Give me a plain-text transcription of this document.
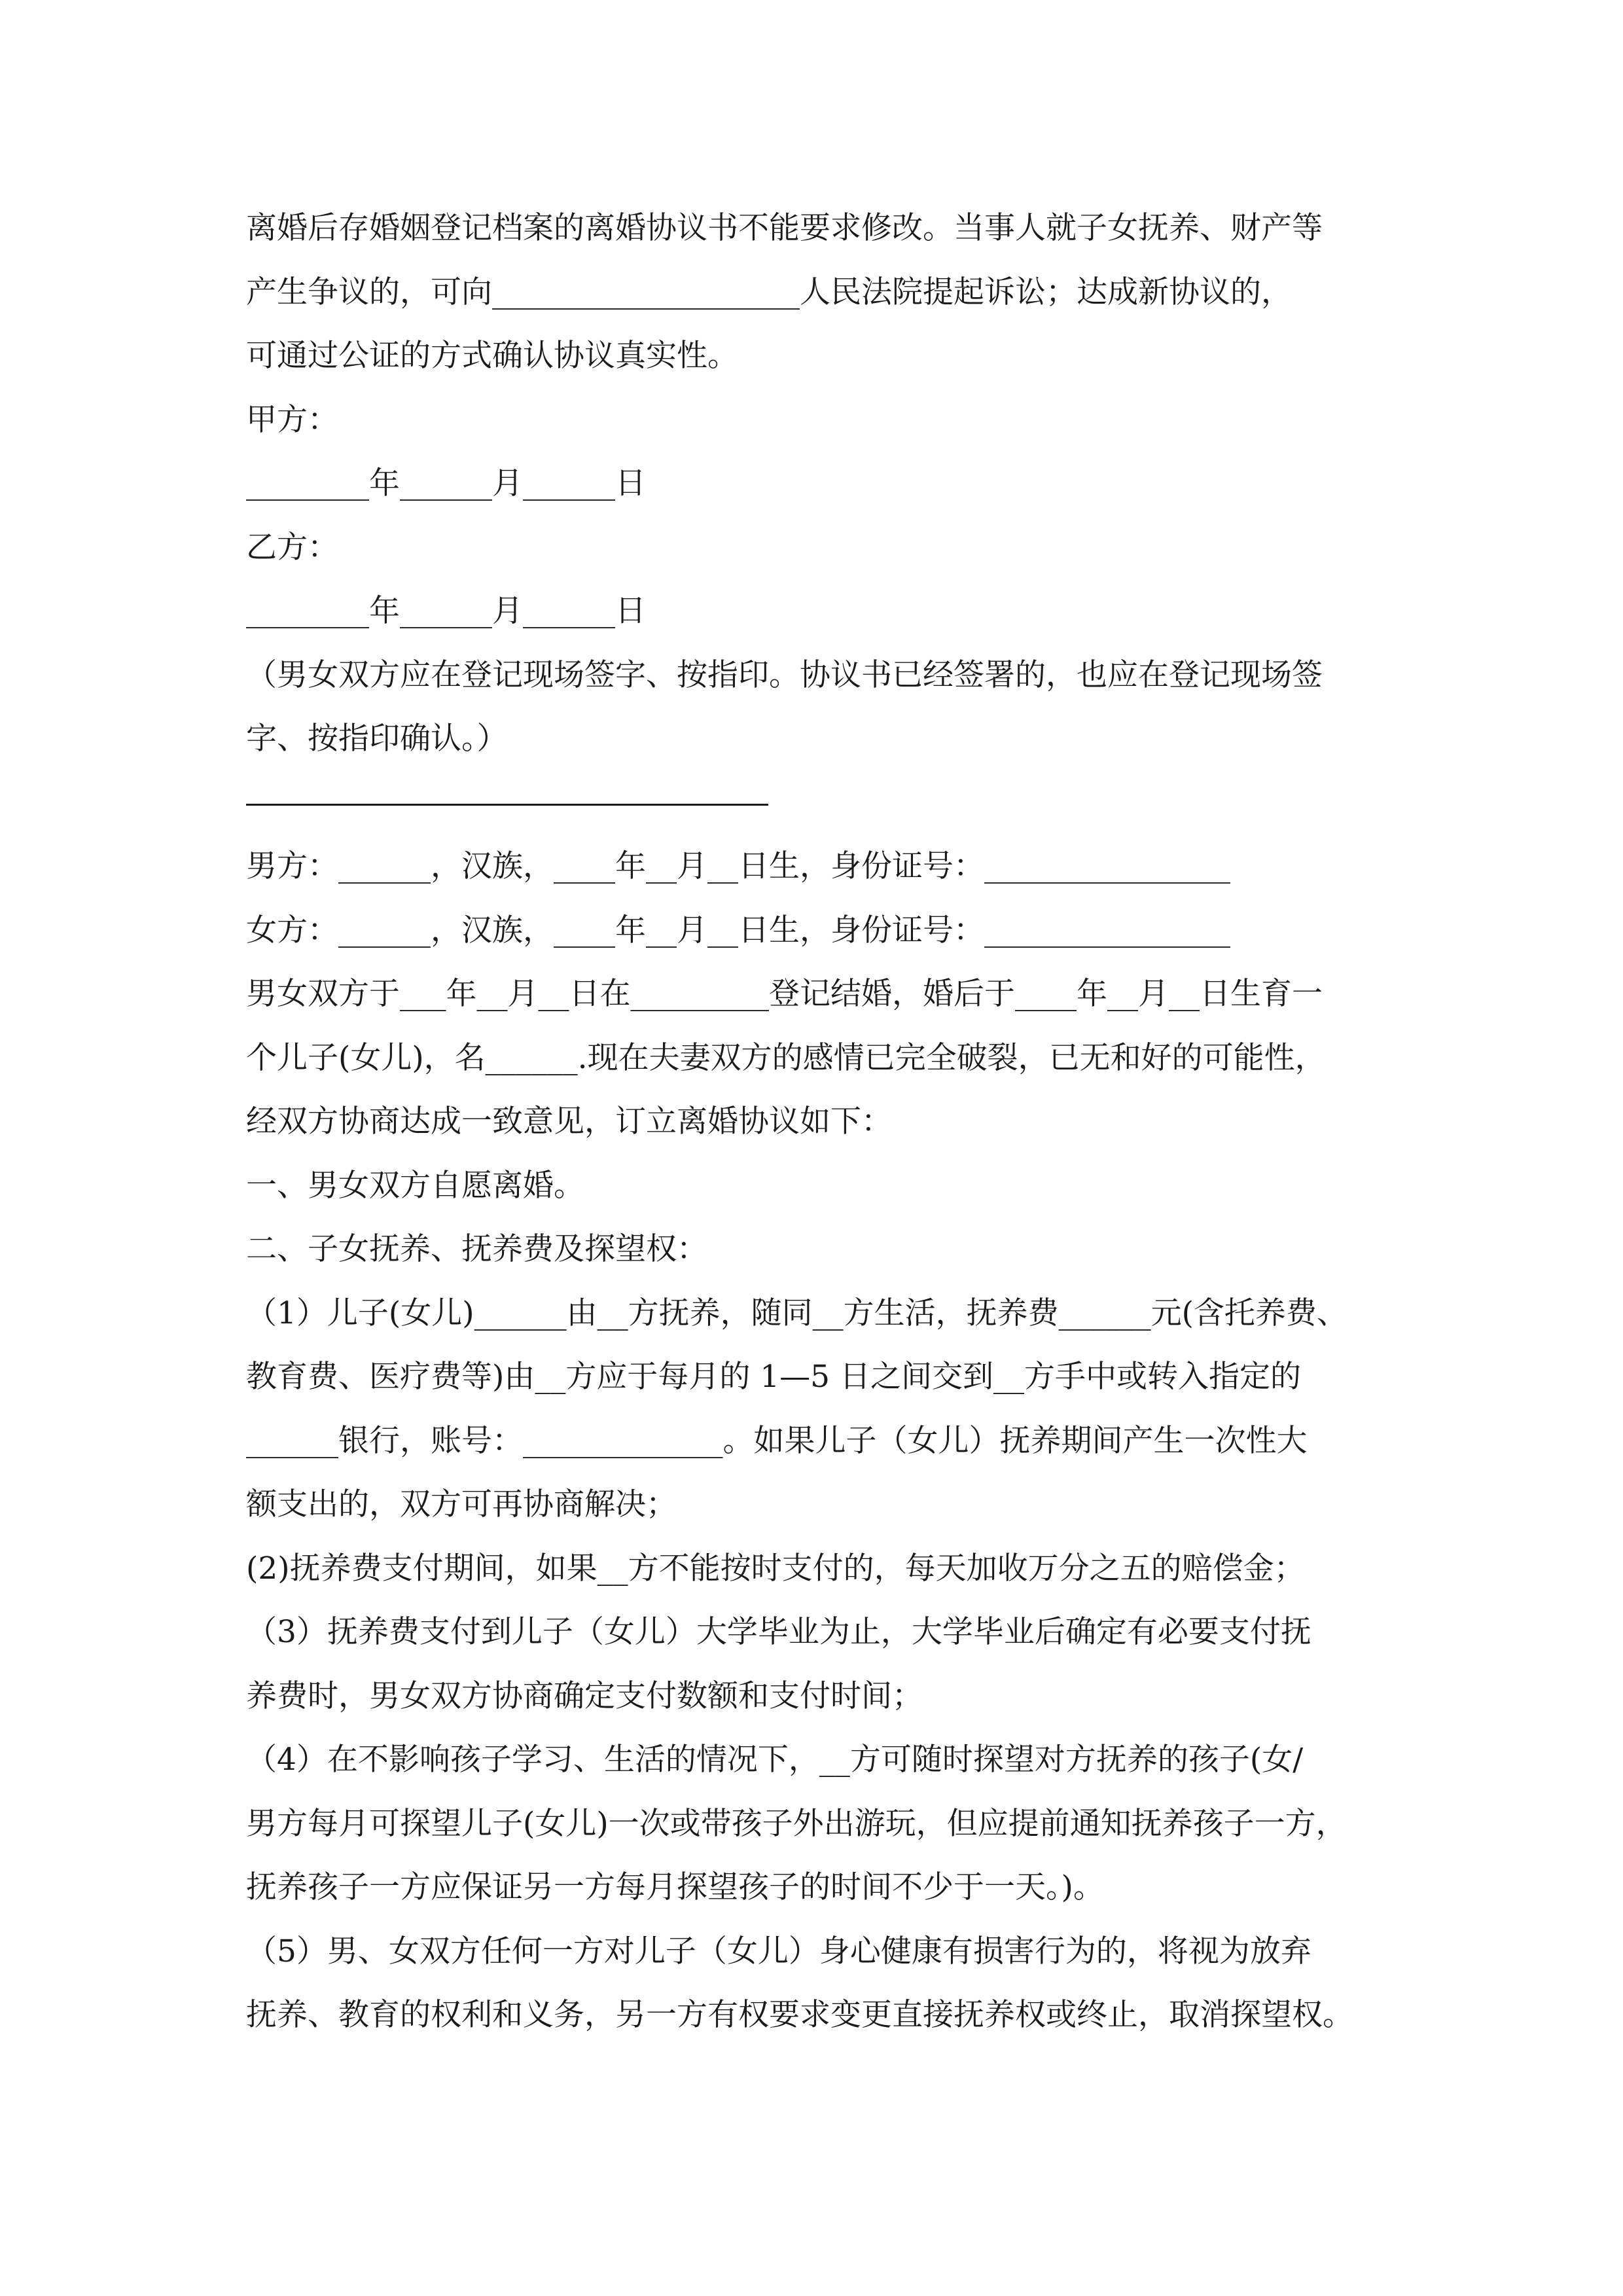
离婚后存婚姻登记档案的离婚协议书不能要求修改。当事人就子女抚养、财产等
产生争议的，可向____________________人民法院提起诉讼；达成新协议的，
可通过公证的方式确认协议真实性。
甲方：
________年______月______日
乙方：
________年______月______日
（男女双方应在登记现场签字、按指印。协议书已经签署的，也应在登记现场签
字、按指印确认。）
男方：______，汉族，____年__月__日生，身份证号：________________
女方：______，汉族，____年__月__日生，身份证号：________________
男女双方于___年__月__日在_________登记结婚，婚后于____年__月__日生育一
个儿子(女儿)，名______.现在夫妻双方的感情已完全破裂，已无和好的可能性，
经双方协商达成一致意见，订立离婚协议如下：
一、男女双方自愿离婚。
二、子女抚养、抚养费及探望权：
（1）儿子(女儿)______由__方抚养，随同__方生活，抚养费______元(含托养费、
教育费、医疗费等)由__方应于每月的 1—5 日之间交到__方手中或转入指定的
______银行，账号：_____________。如果儿子（女儿）抚养期间产生一次性大
额支出的，双方可再协商解决；
(2)抚养费支付期间，如果__方不能按时支付的，每天加收万分之五的赔偿金；
（3）抚养费支付到儿子（女儿）大学毕业为止，大学毕业后确定有必要支付抚
养费时，男女双方协商确定支付数额和支付时间；
（4）在不影响孩子学习、生活的情况下，__方可随时探望对方抚养的孩子(女/
男方每月可探望儿子(女儿)一次或带孩子外出游玩，但应提前通知抚养孩子一方，
抚养孩子一方应保证另一方每月探望孩子的时间不少于一天。)。
（5）男、女双方任何一方对儿子（女儿）身心健康有损害行为的，将视为放弃
抚养、教育的权利和义务，另一方有权要求变更直接抚养权或终止，取消探望权。
